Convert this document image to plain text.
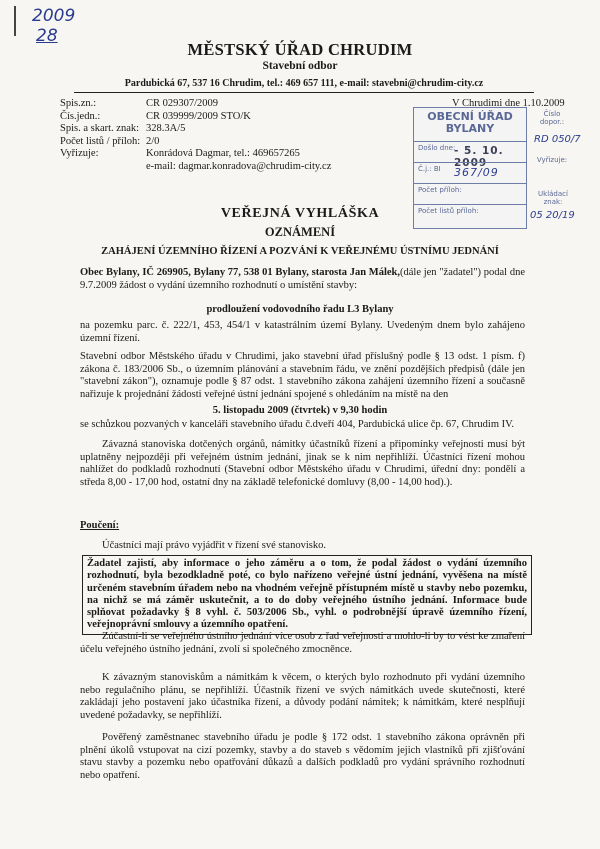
2009
28
MĚSTSKÝ ÚŘAD CHRUDIM
Stavební odbor
Pardubická 67, 537 16 Chrudim, tel.: 469 657 111, e-mail: stavebni@chrudim-city.cz
Spis.zn.:	CR 029307/2009
Čís.jedn.:	CR 039999/2009 STO/K
Spis. a skart. znak: 328.3A/5
Počet listů / příloh: 2/0
Vyřizuje:	Konrádová Dagmar, tel.: 469657265
e-mail: dagmar.konradova@chrudim-city.cz
V Chrudimi dne 1.10.2009
OBECNÍ ÚŘAD
BYLANY
Došlo dne:
- 5. 10. 2009
Č.j.: BI 367/09
Počet příloh:
Počet listů příloh:
Číslo dopor.:
RD 050/7
Vyřizuje:
Ukládací znak:
05 20/19
VEŘEJNÁ VYHLÁŠKA
OZNÁMENÍ
ZAHÁJENÍ ÚZEMNÍHO ŘÍZENÍ A POZVÁNÍ K VEŘEJNÉMU ÚSTNÍMU JEDNÁNÍ
Obec Bylany, IČ 269905, Bylany 77, 538 01 Bylany, starosta Jan Málek,(dále jen "žadatel") podal dne 9.7.2009 žádost o vydání územního rozhodnutí o umístění stavby:
prodloužení vodovodního řadu L3 Bylany
na pozemku parc. č. 222/1, 453, 454/1 v katastrálním území Bylany. Uvedeným dnem bylo zahájeno územní řízení.
Stavební odbor Městského úřadu v Chrudimi, jako stavební úřad příslušný podle § 13 odst. 1 písm. f) zákona č. 183/2006 Sb., o územním plánování a stavebním řádu, ve znění pozdějších předpisů (dále jen "stavební zákon"), oznamuje podle § 87 odst. 1 stavebního zákona zahájení územního řízení a současně nařizuje k projednání žádosti veřejné ústní jednání spojené s ohledáním na místě na den
5. listopadu 2009 (čtvrtek) v 9,30 hodin
se schůzkou pozvaných v kanceláři stavebního úřadu č.dveří 404, Pardubická ulice čp. 67, Chrudim IV.
Závazná stanoviska dotčených orgánů, námitky účastníků řízení a připomínky veřejnosti musí být uplatněny nejpozději při veřejném ústním jednání, jinak se k nim nepřihlíží. Účastníci řízení mohou nahlížet do podkladů rozhodnutí (Stavební odbor Městského úřadu v Chrudimi, úřední dny: pondělí a středa 8,00 - 17,00 hod, ostatní dny na základě telefonické domluvy (8,00 - 14,00 hod).).
Poučení:
Účastníci mají právo vyjádřit v řízení své stanovisko.
Žadatel zajistí, aby informace o jeho záměru a o tom, že podal žádost o vydání územního rozhodnutí, byla bezodkladně poté, co bylo nařízeno veřejné ústní jednání, vyvěšena na místě určeném stavebním úřadem nebo na vhodném veřejně přístupném místě u stavby nebo pozemku, na nichž se má záměr uskutečnit, a to do doby veřejného ústního jednání. Informace bude splňovat požadavky § 8 vyhl. č. 503/2006 Sb., vyhl. o podrobnější úpravě územního řízení, veřejnoprávní smlouvy a územního opatření.
Zúčastní-li se veřejného ústního jednání více osob z řad veřejnosti a mohlo-li by to vést ke zmaření účelu veřejného ústního jednání, zvolí si společného zmocněnce.
K závazným stanoviskům a námitkám k věcem, o kterých bylo rozhodnuto při vydání územního nebo regulačního plánu, se nepřihlíží. Účastník řízení ve svých námitkách uvede skutečnosti, které zakládají jeho postavení jako účastníka řízení, a důvody podání námitek; k námitkám, které nesplňují uvedené požadavky, se nepřihlíží.
Pověřený zaměstnanec stavebního úřadu je podle § 172 odst. 1 stavebního zákona oprávněn při plnění úkolů vstupovat na cizí pozemky, stavby a do staveb s vědomím jejich vlastníků při zjišťování stavu stavby a pozemku nebo opatřování důkazů a dalších podkladů pro vydání správního rozhodnutí nebo opatření.
